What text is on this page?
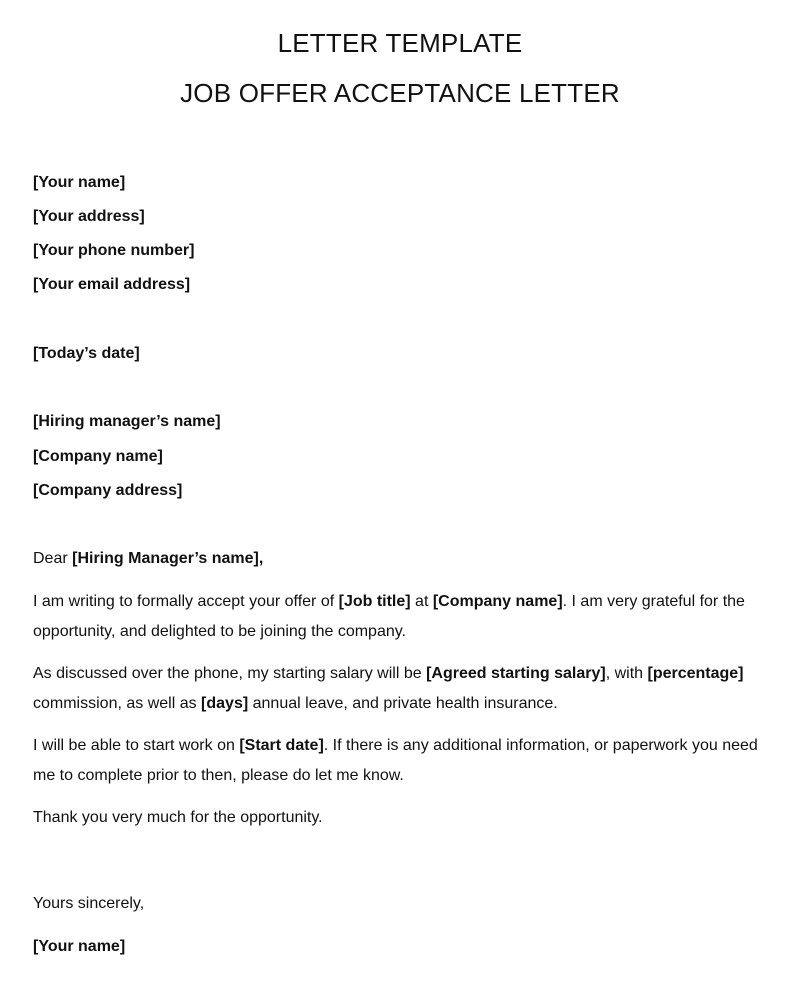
LETTER TEMPLATE
JOB OFFER ACCEPTANCE LETTER

[Your name]

[Your address]

[Your phone number]

[Your email address]

[Today’s date]

[Hiring manager’s name]

[Company name]

[Company address]

Dear [Hiring Manager’s name],

I am writing to formally accept your offer of [Job title] at [Company name]. I am very grateful for the opportunity, and delighted to be joining the company.

As discussed over the phone, my starting salary will be [Agreed starting salary], with [percentage] commission, as well as [days] annual leave, and private health insurance.

I will be able to start work on [Start date]. If there is any additional information, or paperwork you need me to complete prior to then, please do let me know.

Thank you very much for the opportunity.

Yours sincerely,

[Your name]
